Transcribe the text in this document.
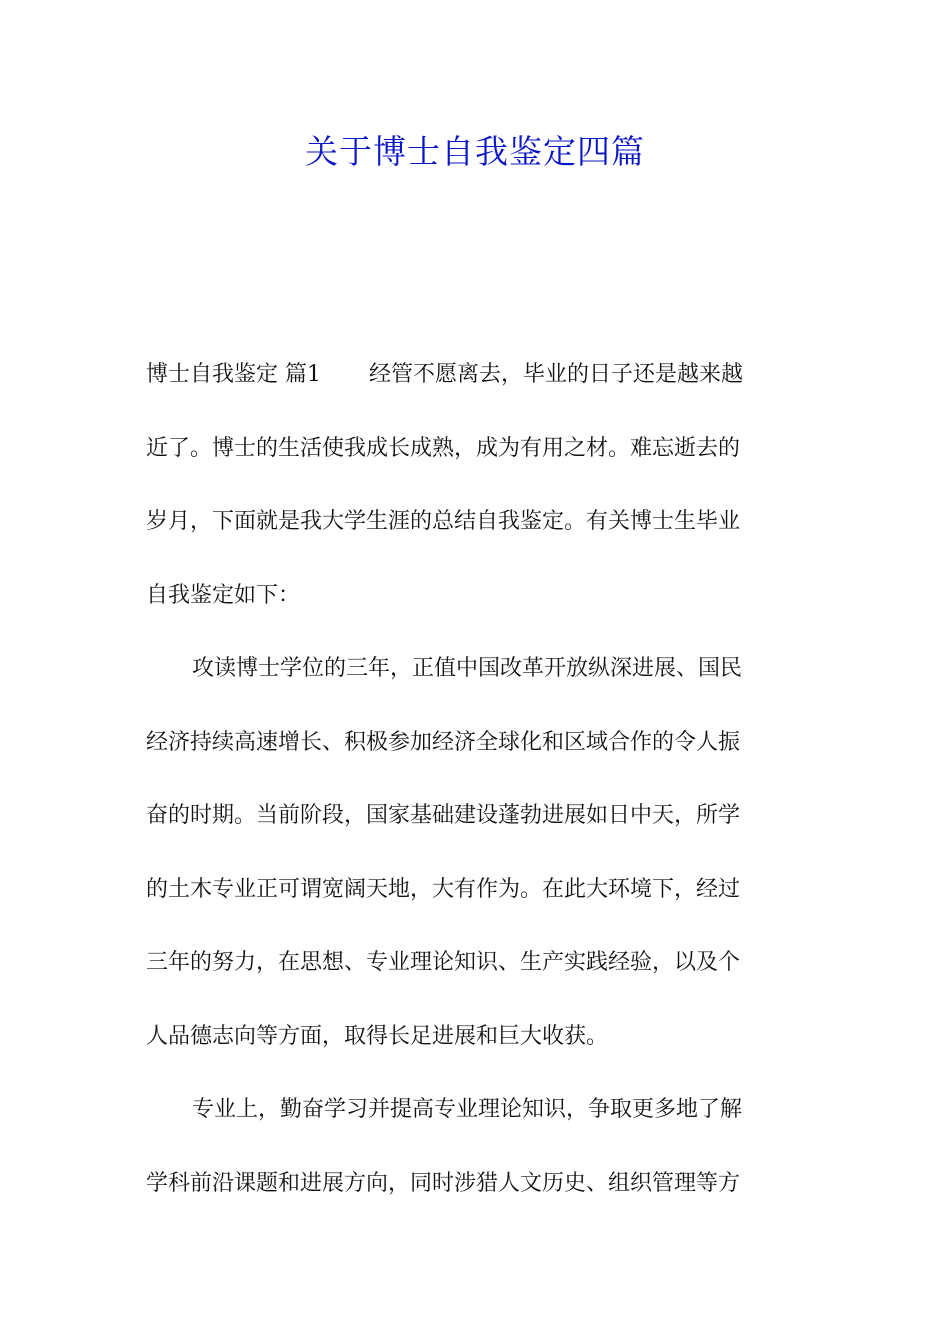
关于博士自我鉴定四篇
博士自我鉴定 篇1 经管不愿离去，毕业的日子还是越来越
近了。博士的生活使我成长成熟，成为有用之材。难忘逝去的
岁月，下面就是我大学生涯的总结自我鉴定。有关博士生毕业
自我鉴定如下：
攻读博士学位的三年，正值中国改革开放纵深进展、国民
经济持续高速增长、积极参加经济全球化和区域合作的令人振
奋的时期。当前阶段，国家基础建设蓬勃进展如日中天，所学
的土木专业正可谓宽阔天地，大有作为。在此大环境下，经过
三年的努力，在思想、专业理论知识、生产实践经验，以及个
人品德志向等方面，取得长足进展和巨大收获。
专业上，勤奋学习并提高专业理论知识，争取更多地了解
学科前沿课题和进展方向，同时涉猎人文历史、组织管理等方
